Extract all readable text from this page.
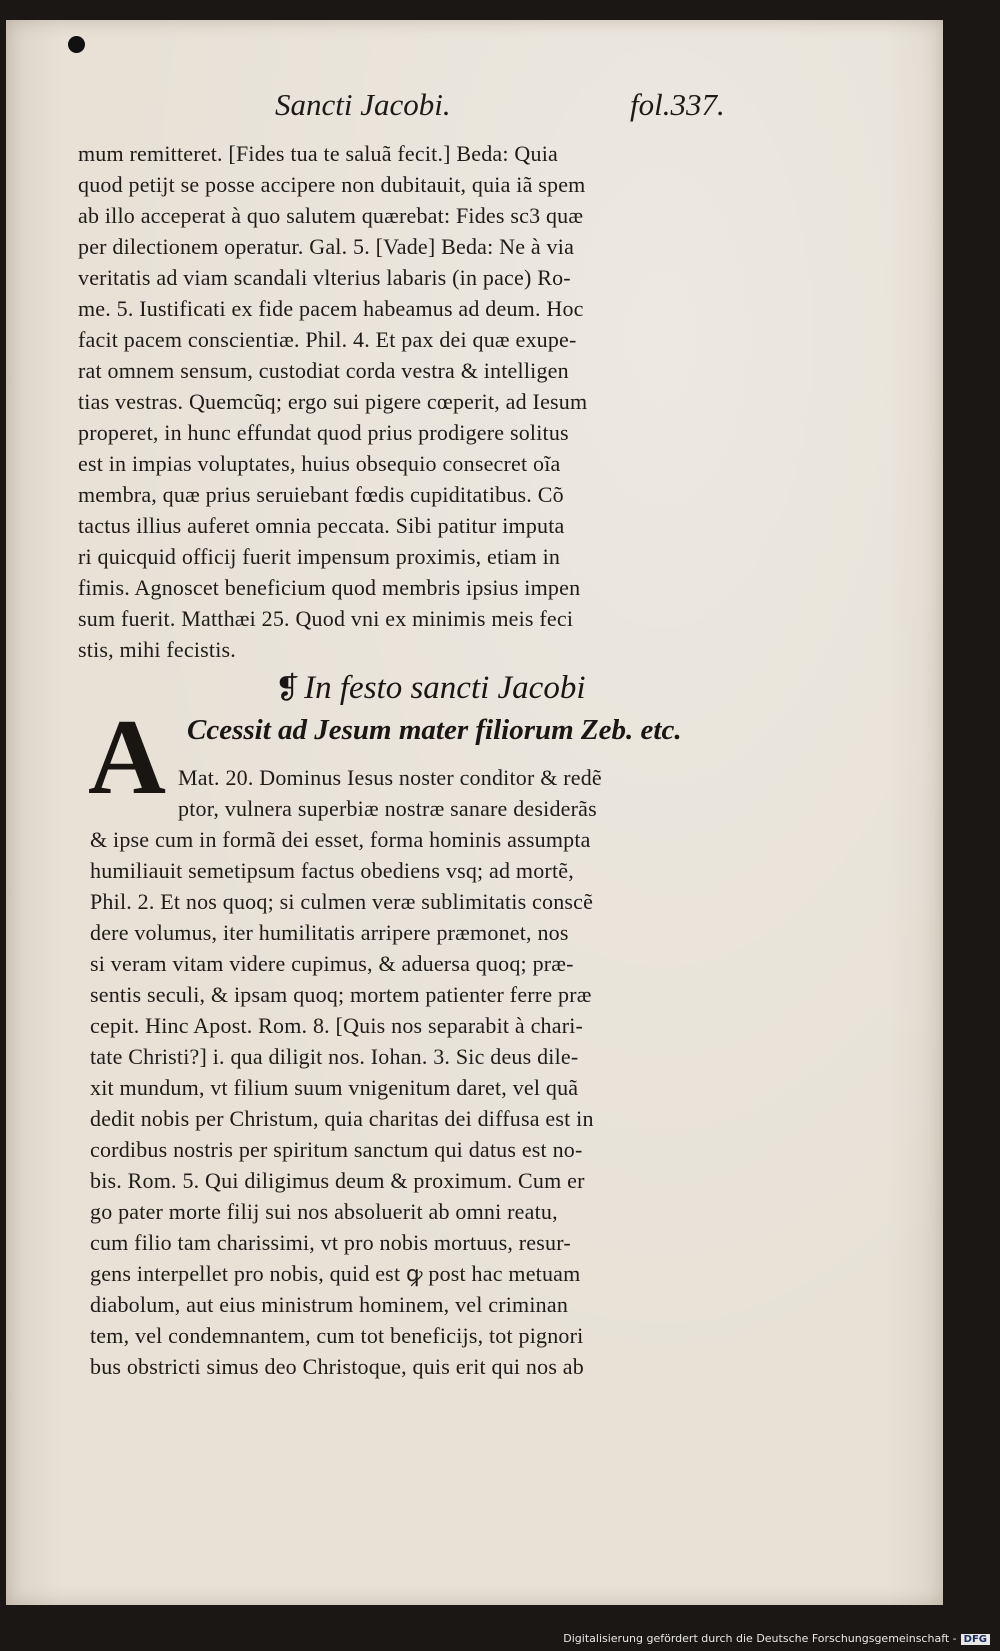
Sancti Jacobi.	fol.337.
mum remitteret. [Fides tua te saluã fecit.] Beda: Quia
quod petijt se posse accipere non dubitauit, quia iã spem
ab illo acceperat à quo salutem quærebat: Fides sc3 quæ
per dilectionem operatur. Gal. 5. [Vade] Beda: Ne à via
veritatis ad viam scandali vlterius labaris (in pace) Ro-
me. 5. Iustificati ex fide pacem habeamus ad deum. Hoc
facit pacem conscientiæ. Phil. 4. Et pax dei quæ exupe-
rat omnem sensum, custodiat corda vestra & intelligen
tias vestras. Quemcũq; ergo sui pigere cœperit, ad Iesum
properet, in hunc effundat quod prius prodigere solitus
est in impias voluptates, huius obsequio consecret oĩa
membra, quæ prius seruiebant fœdis cupiditatibus. Cõ
tactus illius auferet omnia peccata. Sibi patitur imputa
ri quicquid officij fuerit impensum proximis, etiam in
fimis. Agnoscet beneficium quod membris ipsius impen
sum fuerit. Matthæi 25. Quod vni ex minimis meis feci
stis, mihi fecistis.
❡ In festo sancti Jacobi
A Ccessit ad Jesum mater filiorum Zeb. etc.
Mat. 20. Dominus Iesus noster conditor & redẽ
ptor, vulnera superbiæ nostræ sanare desiderãs
& ipse cum in formã dei esset, forma hominis assumpta
humiliauit semetipsum factus obediens vsq; ad mortẽ,
Phil. 2. Et nos quoq; si culmen veræ sublimitatis conscẽ
dere volumus, iter humilitatis arripere præmonet, nos
si veram vitam videre cupimus, & aduersa quoq; præ-
sentis seculi, & ipsam quoq; mortem patienter ferre præ
cepit. Hinc Apost. Rom. 8. [Quis nos separabit à chari-
tate Christi?] i. qua diligit nos. Iohan. 3. Sic deus dile-
xit mundum, vt filium suum vnigenitum daret, vel quã
dedit nobis per Christum, quia charitas dei diffusa est in
cordibus nostris per spiritum sanctum qui datus est no-
bis. Rom. 5. Qui diligimus deum & proximum. Cum er
go pater morte filij sui nos absoluerit ab omni reatu,
cum filio tam charissimi, vt pro nobis mortuus, resur-
gens interpellet pro nobis, quid est ꝙ post hac metuam
diabolum, aut eius ministrum hominem, vel criminan
tem, vel condemnantem, cum tot beneficijs, tot pignori
bus obstricti simus deo Christoque, quis erit qui nos ab
Digitalisierung gefördert durch die Deutsche Forschungsgemeinschaft - DFG
